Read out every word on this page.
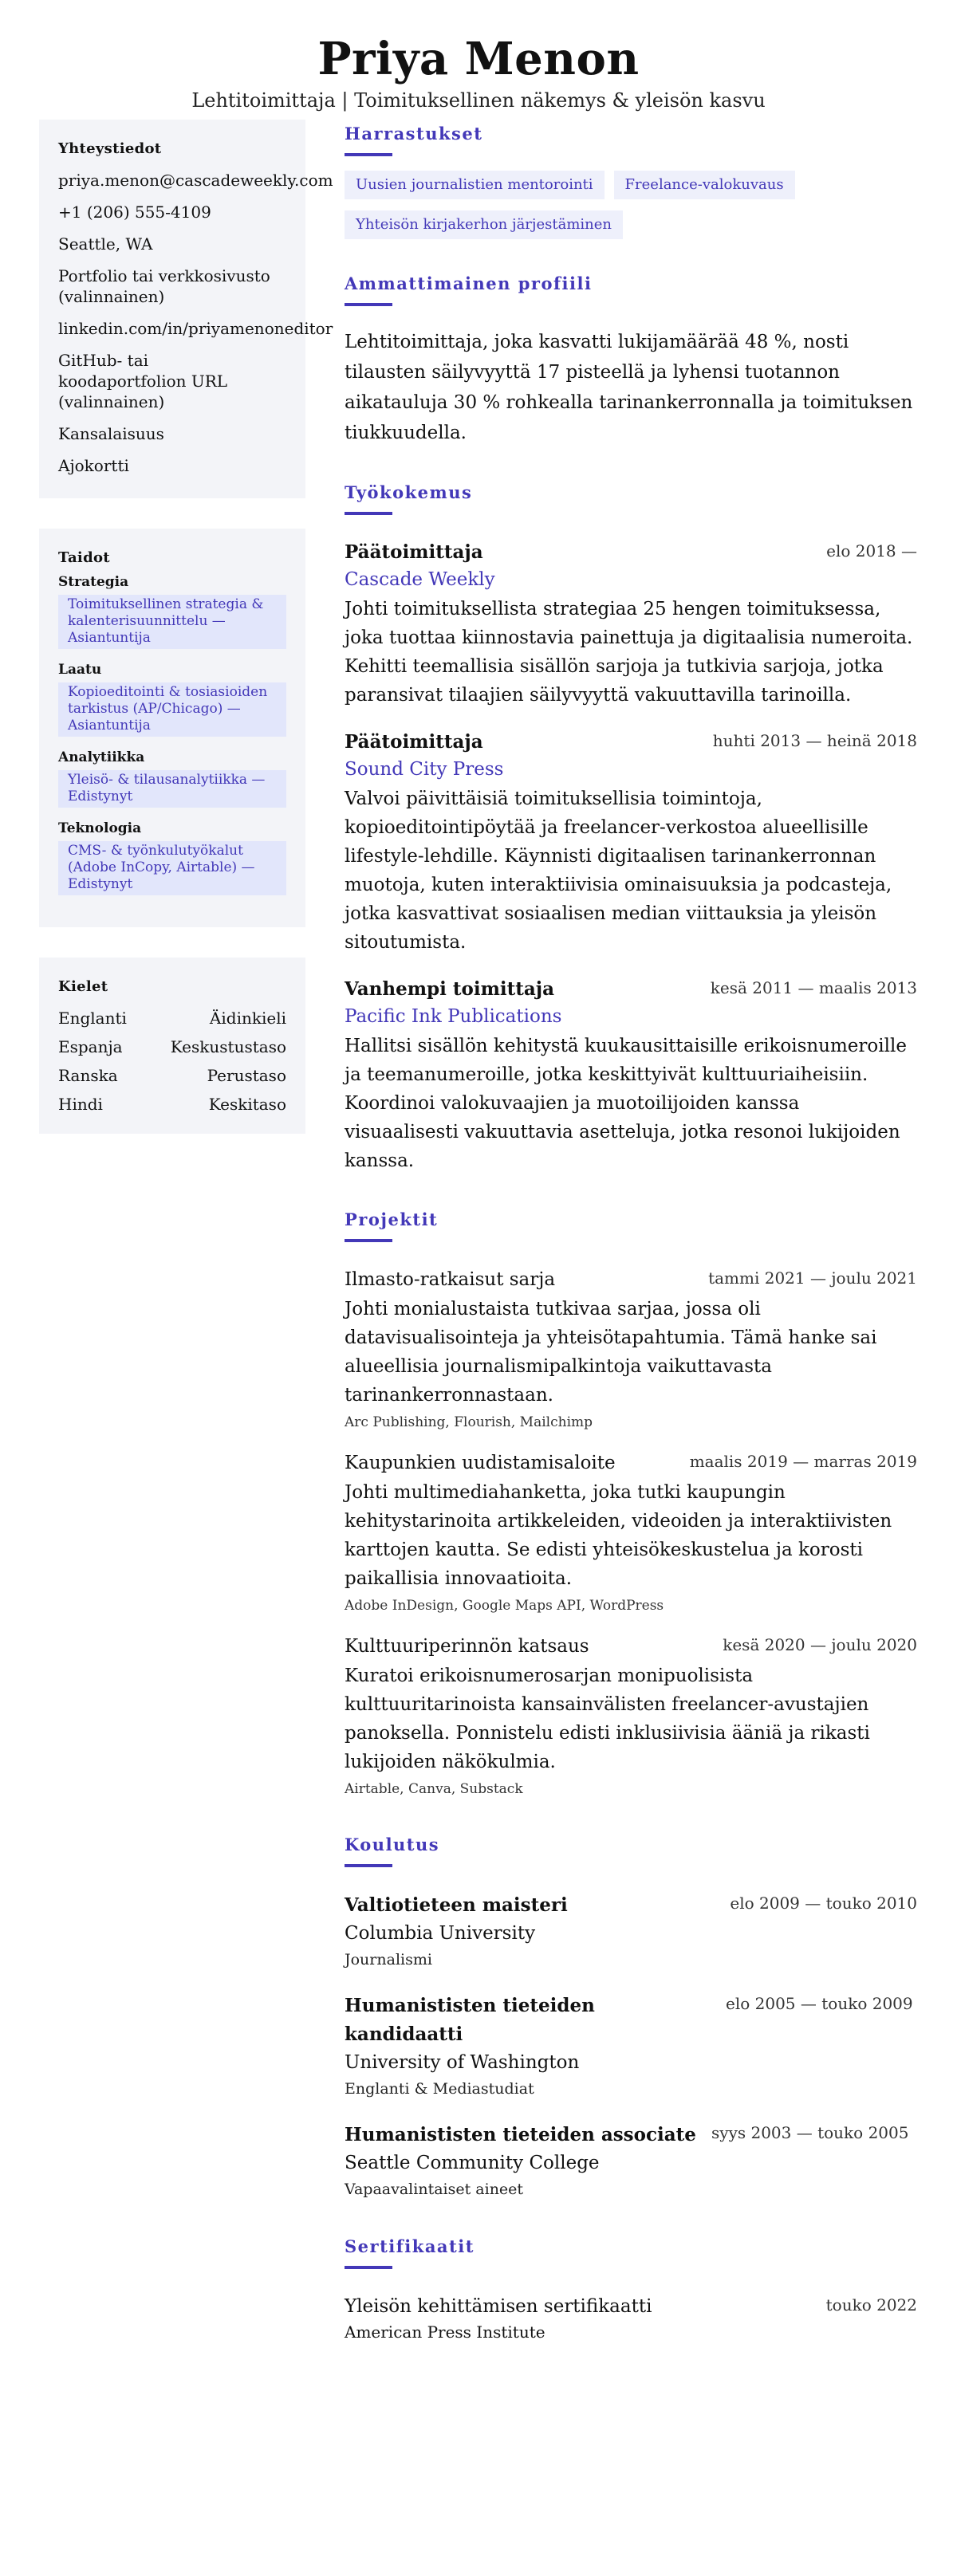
Priya Menon
Lehtitoimittaja | Toimituksellinen näkemys & yleisön kasvu
Yhteystiedot
priya.menon@cascadeweekly.com
+1 (206) 555-4109
Seattle, WA
Portfolio tai verkkosivusto (valinnainen)
linkedin.com/in/priyamenoneditor
GitHub- tai koodaportfolion URL (valinnainen)
Kansalaisuus
Ajokortti
Taidot
Strategia
Toimituksellinen strategia & kalenterisuunnittelu — Asiantuntija
Laatu
Kopioeditointi & tosiasioiden tarkistus (AP/Chicago) — Asiantuntija
Analytiikka
Yleisö- & tilausanalytiikka — Edistynyt
Teknologia
CMS- & työnkulutyökalut (Adobe InCopy, Airtable) — Edistynyt
Kielet
Englanti	Äidinkieli
Espanja	Keskustustaso
Ranska	Perustaso
Hindi	Keskitaso
Harrastukset
Uusien journalistien mentorointi	Freelance-valokuvaus
Yhteisön kirjakerhon järjestäminen
Ammattimainen profiili

Lehtitoimittaja, joka kasvatti lukijamäärää 48 %, nosti tilausten säilyvyyttä 17 pisteellä ja lyhensi tuotannon aikatauluja 30 % rohkealla tarinankerronnalla ja toimituksen tiukkuudella.

Työkokemus
Päätoimittaja	elo 2018 —
Cascade Weekly
Johti toimituksellista strategiaa 25 hengen toimituksessa, joka tuottaa kiinnostavia painettuja ja digitaalisia numeroita. Kehitti teemallisia sisällön sarjoja ja tutkivia sarjoja, jotka paransivat tilaajien säilyvyyttä vakuuttavilla tarinoilla.
Päätoimittaja	huhti 2013 — heinä 2018
Sound City Press
Valvoi päivittäisiä toimituksellisia toimintoja, kopioeditointipöytää ja freelancer-verkostoa alueellisille lifestyle-lehdille. Käynnisti digitaalisen tarinankerronnan muotoja, kuten interaktiivisia ominaisuuksia ja podcasteja, jotka kasvattivat sosiaalisen median viittauksia ja yleisön sitoutumista.
Vanhempi toimittaja	kesä 2011 — maalis 2013
Pacific Ink Publications
Hallitsi sisällön kehitystä kuukausittaisille erikoisnumeroille ja teemanumeroille, jotka keskittyivät kulttuuriaiheisiin. Koordinoi valokuvaajien ja muotoilijoiden kanssa visuaalisesti vakuuttavia asetteluja, jotka resonoi lukijoiden kanssa.
Projektit
Ilmasto-ratkaisut sarja	tammi 2021 — joulu 2021
Johti monialustaista tutkivaa sarjaa, jossa oli datavisualisointeja ja yhteisötapahtumia. Tämä hanke sai alueellisia journalismipalkintoja vaikuttavasta tarinankerronnastaan.
Arc Publishing, Flourish, Mailchimp
Kaupunkien uudistamisaloite	maalis 2019 — marras 2019
Johti multimediahanketta, joka tutki kaupungin kehitystarinoita artikkeleiden, videoiden ja interaktiivisten karttojen kautta. Se edisti yhteisökeskustelua ja korosti paikallisia innovaatioita.
Adobe InDesign, Google Maps API, WordPress
Kulttuuriperinnön katsaus	kesä 2020 — joulu 2020
Kuratoi erikoisnumerosarjan monipuolisista kulttuuritarinoista kansainvälisten freelancer-avustajien panoksella. Ponnistelu edisti inklusiivisia ääniä ja rikasti lukijoiden näkökulmia.
Airtable, Canva, Substack
Koulutus
Valtiotieteen maisteri	elo 2009 — touko 2010
Columbia University
Journalismi
Humanististen tieteiden kandidaatti
elo 2005 — touko 2009
University of Washington
Englanti & Mediastudiat
Humanististen tieteiden associate syys 2003 — touko 2005
Seattle Community College
Vapaavalintaiset aineet
Sertifikaatit
Yleisön kehittämisen sertifikaatti	touko 2022
American Press Institute
